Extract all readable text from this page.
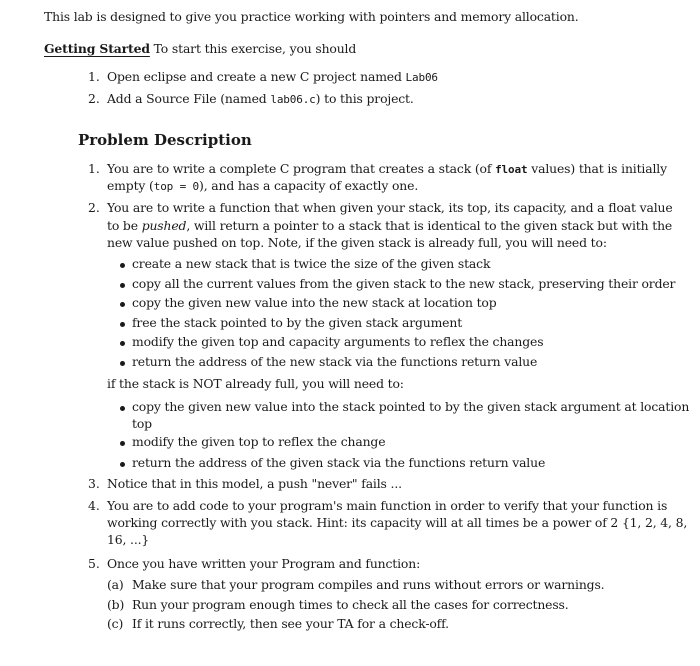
This lab is designed to give you practice working with pointers and memory allocation.
Getting Started To start this exercise, you should
1. Open eclipse and create a new C project named Lab06
2. Add a Source File (named lab06.c) to this project.
Problem Description
1. You are to write a complete C program that creates a stack (of float values) that is initially
empty (top = 0), and has a capacity of exactly one.
2. You are to write a function that when given your stack, its top, its capacity, and a float value
to be pushed, will return a pointer to a stack that is identical to the given stack but with the
new value pushed on top. Note, if the given stack is already full, you will need to:
create a new stack that is twice the size of the given stack
copy all the current values from the given stack to the new stack, preserving their order
copy the given new value into the new stack at location top
free the stack pointed to by the given stack argument
modify the given top and capacity arguments to reflex the changes
return the address of the new stack via the functions return value
if the stack is NOT already full, you will need to:
copy the given new value into the stack pointed to by the given stack argument at location
top
modify the given top to reflex the change
return the address of the given stack via the functions return value
3. Notice that in this model, a push "never" fails ...
4. You are to add code to your program's main function in order to verify that your function is
working correctly with you stack. Hint: its capacity will at all times be a power of 2 {1, 2, 4, 8,
16, ...}
5. Once you have written your Program and function:
(a) Make sure that your program compiles and runs without errors or warnings.
(b) Run your program enough times to check all the cases for correctness.
(c) If it runs correctly, then see your TA for a check-off.
